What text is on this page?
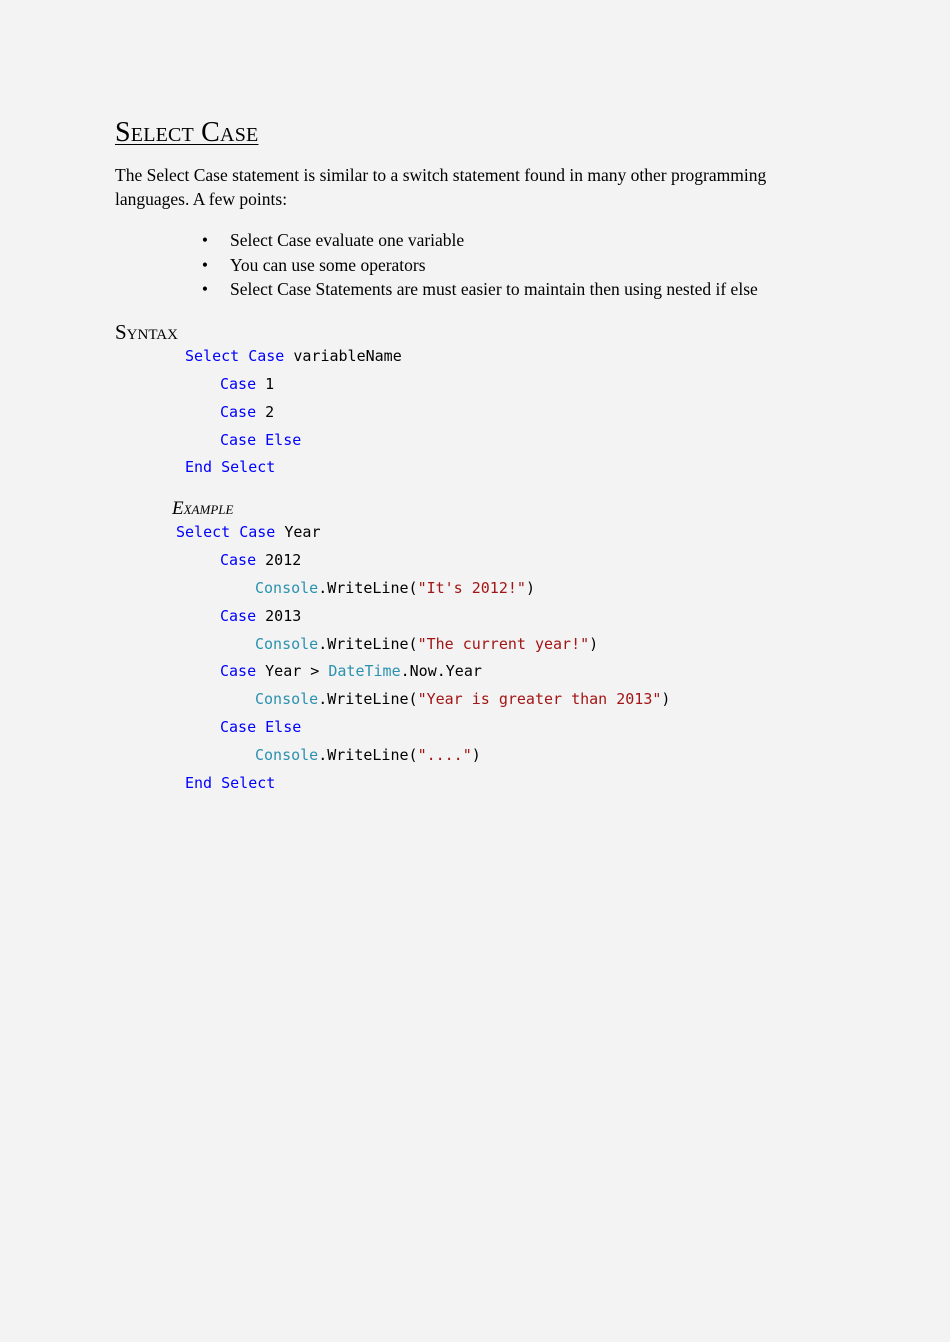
Select Case

The Select Case statement is similar to a switch statement found in many other programming languages. A few points:

• Select Case evaluate one variable
• You can use some operators
• Select Case Statements are must easier to maintain then using nested if else
Syntax
Select Case variableName
Case 1
Case 2
Case Else
End Select
Example
Select Case Year
Case 2012
Console.WriteLine("It's 2012!")
Case 2013
Console.WriteLine("The current year!")
Case Year > DateTime.Now.Year
Console.WriteLine("Year is greater than 2013")
Case Else
Console.WriteLine("....")
End Select
